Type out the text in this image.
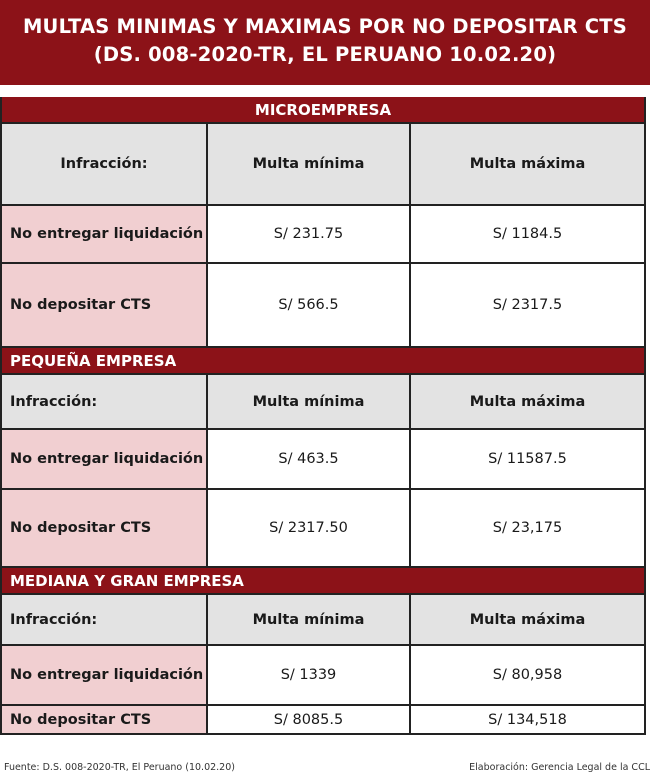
MULTAS MINIMAS Y MAXIMAS POR NO DEPOSITAR CTS
(DS. 008-2020-TR, EL PERUANO 10.02.20)
MICROEMPRESA
Infracción:	Multa mínima	Multa máxima
No entregar liquidación	S/ 231.75	S/ 1184.5
No depositar CTS	S/ 566.5	S/ 2317.5
PEQUEÑA EMPRESA
Infracción:	Multa mínima	Multa máxima
No entregar liquidación	S/ 463.5	S/ 11587.5
No depositar CTS	S/ 2317.50	S/ 23,175
MEDIANA Y GRAN EMPRESA
Infracción:	Multa mínima	Multa máxima
No entregar liquidación	S/ 1339	S/ 80,958
No depositar CTS	S/ 8085.5	S/ 134,518
Fuente: D.S. 008-2020-TR, El Peruano (10.02.20)	Elaboración: Gerencia Legal de la CCL
